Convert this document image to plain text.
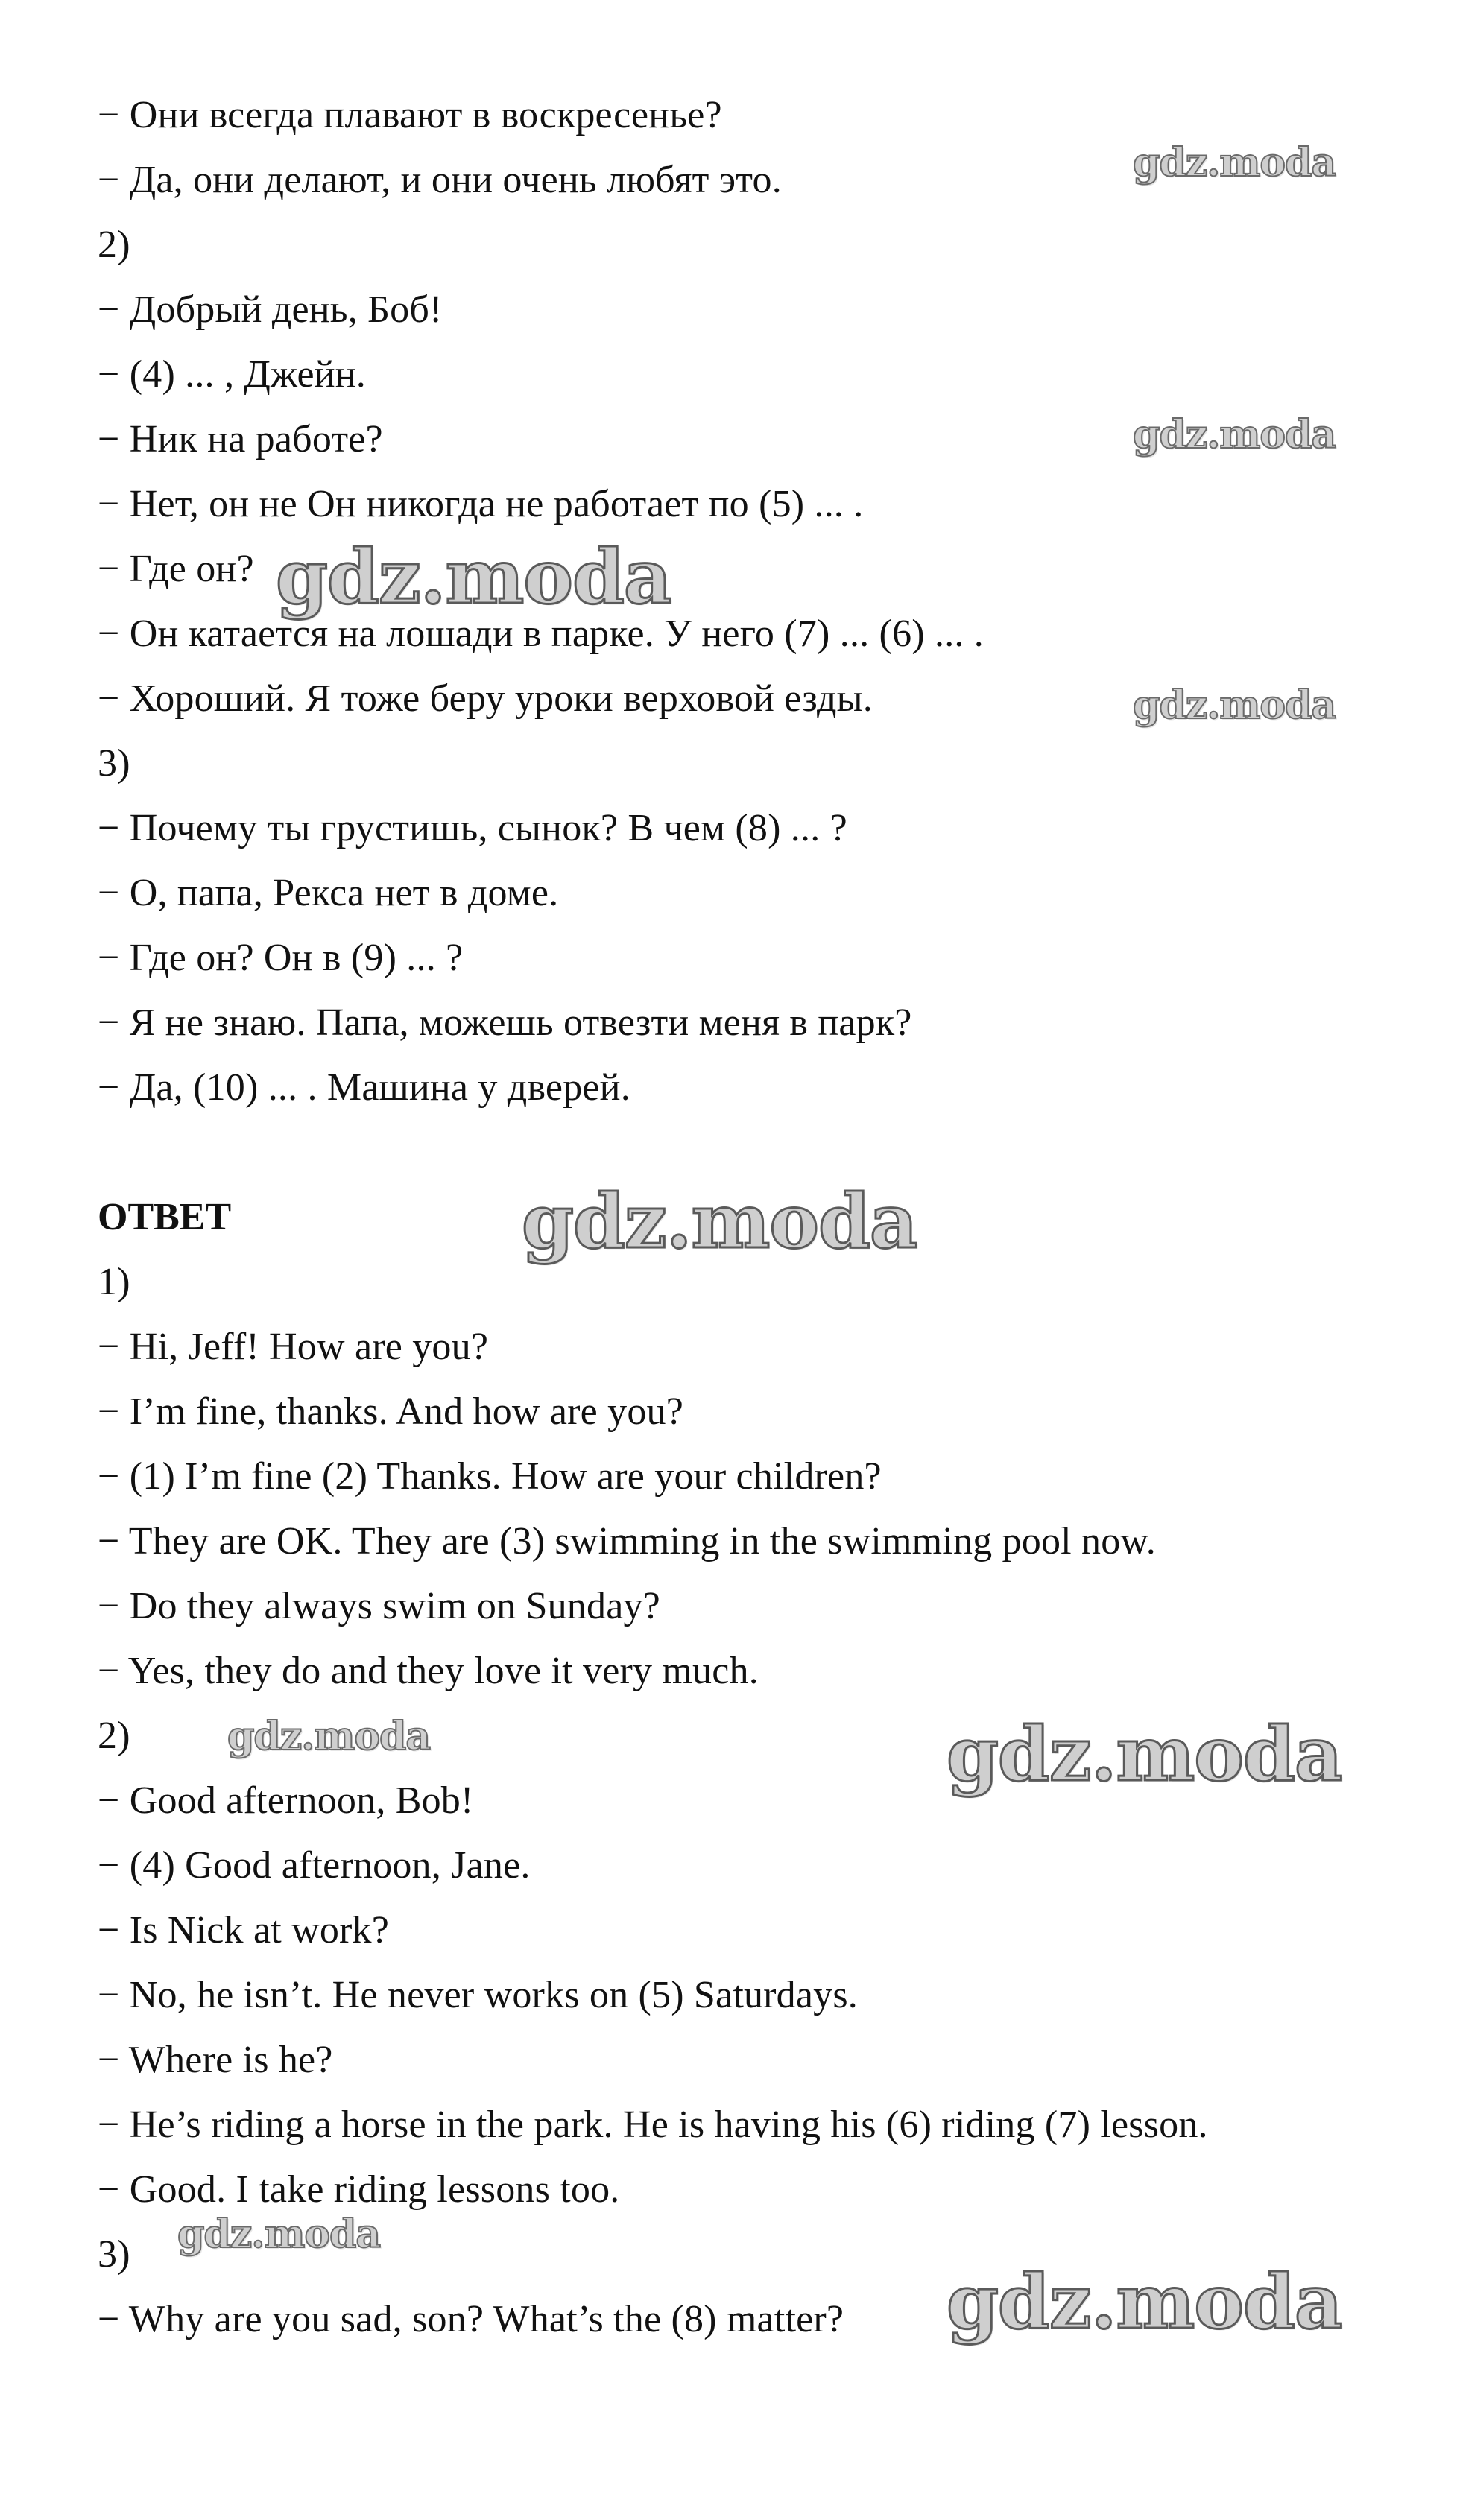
− Они всегда плавают в воскресенье?
− Да, они делают, и они очень любят это.
2)
− Добрый день, Боб!
− (4) ... , Джейн.
− Ник на работе?
− Нет, он не Он никогда не работает по (5) ... .
− Где он?
− Он катается на лошади в парке. У него (7) ... (6) ... .
− Хороший. Я тоже беру уроки верховой езды.
3)
− Почему ты грустишь, сынок? В чем (8) ... ?
− О, папа, Рекса нет в доме.
− Где он? Он в (9) ... ?
− Я не знаю. Папа, можешь отвезти меня в парк?
− Да, (10) ... . Машина у дверей.
ОТВЕТ
1)
− Hi, Jeff! How are you?
− I’m fine, thanks. And how are you?
− (1) I’m fine (2) Thanks. How are your children?
− They are OK. They are (3) swimming in the swimming pool now.
− Do they always swim on Sunday?
− Yes, they do and they love it very much.
2)
− Good afternoon, Bob!
− (4) Good afternoon, Jane.
− Is Nick at work?
− No, he isn’t. He never works on (5) Saturdays.
− Where is he?
− He’s riding a horse in the park. He is having his (6) riding (7) lesson.
− Good. I take riding lessons too.
3)
− Why are you sad, son? What’s the (8) matter?
gdz.moda
gdz.moda
gdz.moda
gdz.moda
gdz.moda
gdz.moda	gdz.moda
gdz.moda
gdz.moda
